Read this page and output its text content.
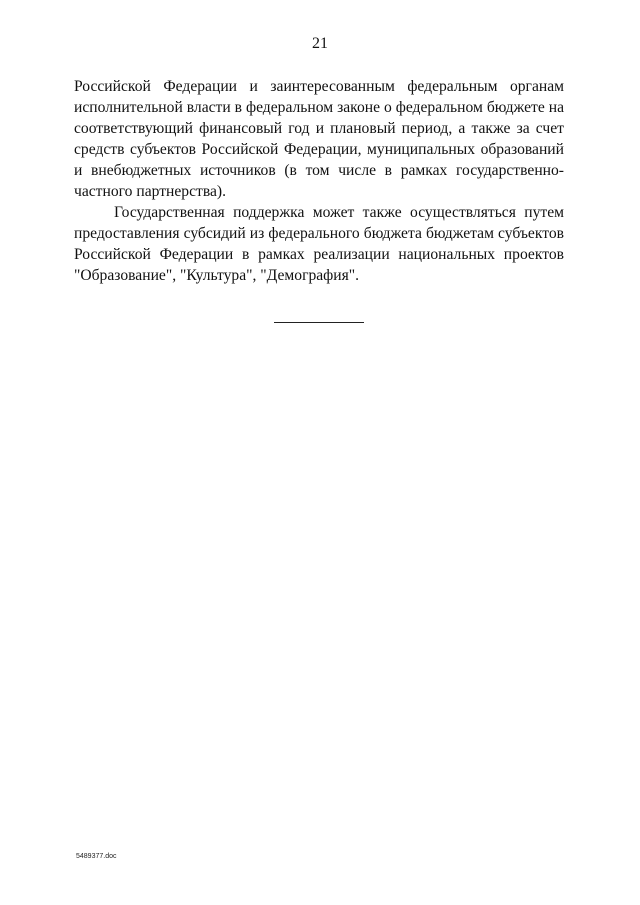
21

Российской Федерации и заинтересованным федеральным органам исполнительной власти в федеральном законе о федеральном бюджете на соответствующий финансовый год и плановый период, а также за счет средств субъектов Российской Федерации, муниципальных образований и внебюджетных источников (в том числе в рамках государственно-частного партнерства).

Государственная поддержка может также осуществляться путем предоставления субсидий из федерального бюджета бюджетам субъектов Российской Федерации в рамках реализации национальных проектов "Образование", "Культура", "Демография".

5489377.doc
